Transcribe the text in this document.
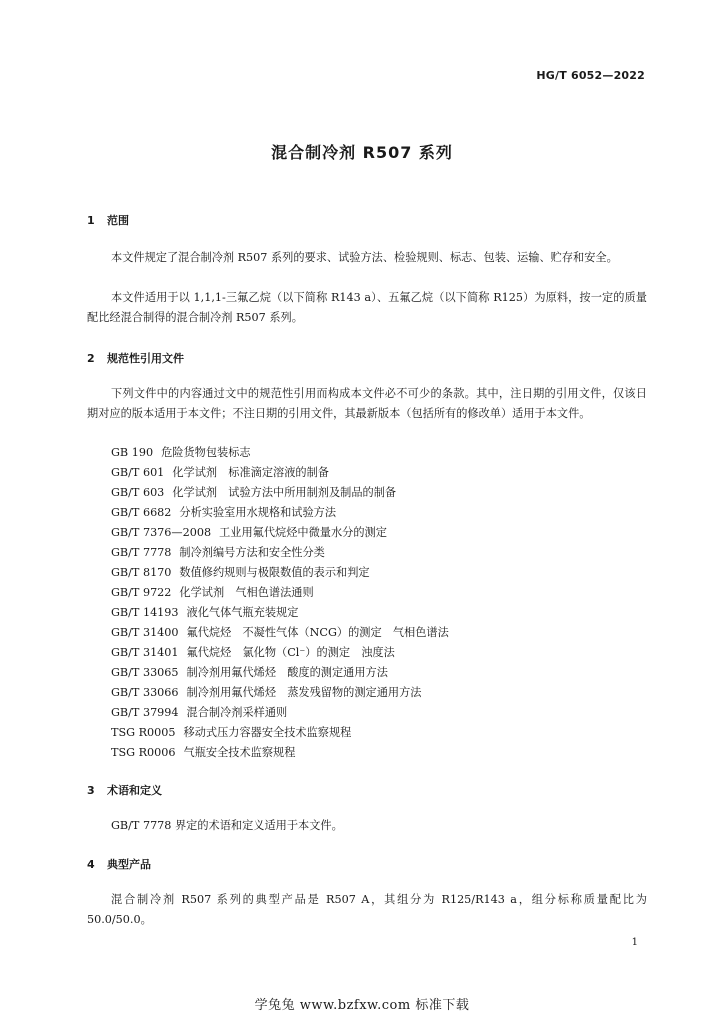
HG/T 6052—2022
混合制冷剂 R507 系列
1 范围
本文件规定了混合制冷剂 R507 系列的要求、试验方法、检验规则、标志、包装、运输、贮存和安全。
本文件适用于以 1,1,1-三氟乙烷（以下简称 R143 a）、五氟乙烷（以下简称 R125）为原料，按一定的质量配比经混合制得的混合制冷剂 R507 系列。
2 规范性引用文件
下列文件中的内容通过文中的规范性引用而构成本文件必不可少的条款。其中，注日期的引用文件，仅该日期对应的版本适用于本文件；不注日期的引用文件，其最新版本（包括所有的修改单）适用于本文件。
GB 190 危险货物包装标志
GB/T 601 化学试剂　标准滴定溶液的制备
GB/T 603 化学试剂　试验方法中所用制剂及制品的制备
GB/T 6682 分析实验室用水规格和试验方法
GB/T 7376—2008 工业用氟代烷烃中微量水分的测定
GB/T 7778 制冷剂编号方法和安全性分类
GB/T 8170 数值修约规则与极限数值的表示和判定
GB/T 9722 化学试剂　气相色谱法通则
GB/T 14193 液化气体气瓶充装规定
GB/T 31400 氟代烷烃　不凝性气体（NCG）的测定　气相色谱法
GB/T 31401 氟代烷烃　氯化物（Cl⁻）的测定　浊度法
GB/T 33065 制冷剂用氟代烯烃　酸度的测定通用方法
GB/T 33066 制冷剂用氟代烯烃　蒸发残留物的测定通用方法
GB/T 37994 混合制冷剂采样通则
TSG R0005 移动式压力容器安全技术监察规程
TSG R0006 气瓶安全技术监察规程
3 术语和定义
GB/T 7778 界定的术语和定义适用于本文件。
4 典型产品
混合制冷剂 R507 系列的典型产品是 R507 A，其组分为 R125/R143 a，组分标称质量配比为 50.0/50.0。
1
学兔兔 www.bzfxw.com 标准下载
